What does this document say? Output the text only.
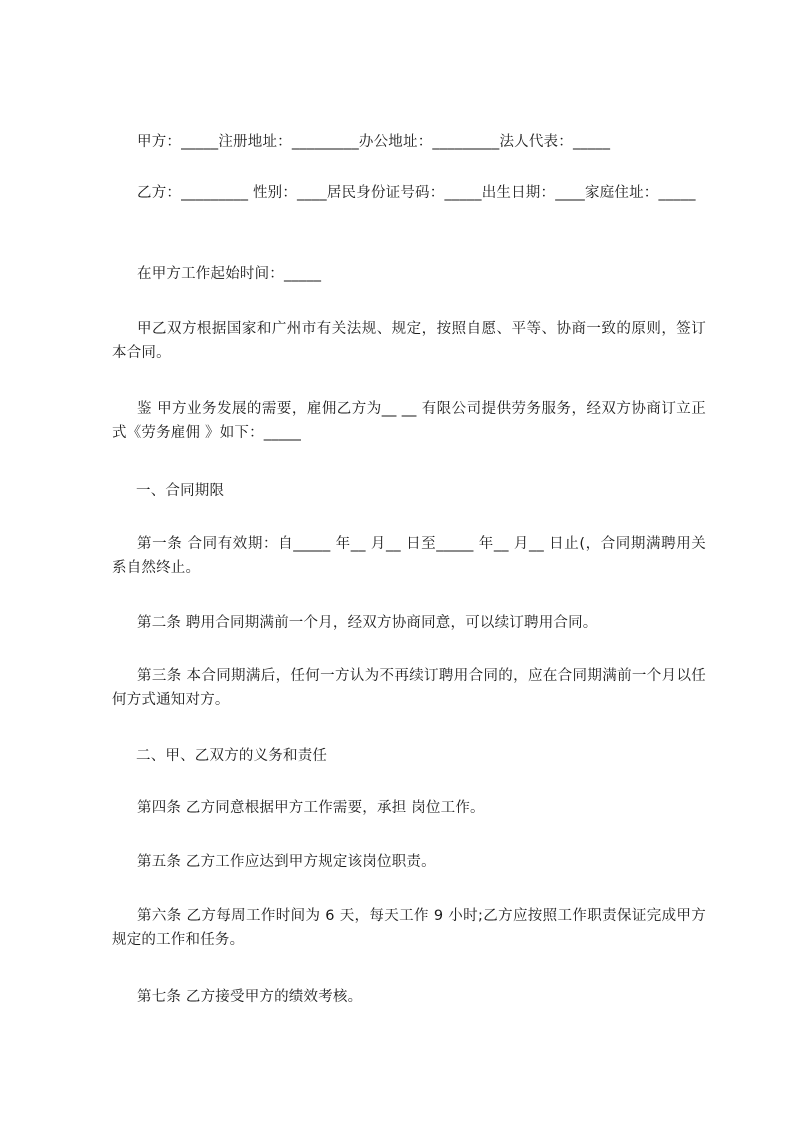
甲方：_____注册地址：_________办公地址：_________法人代表：_____

乙方：_________ 性别：____居民身份证号码：_____出生日期：____家庭住址：_____

在甲方工作起始时间：_____

甲乙双方根据国家和广州市有关法规、规定，按照自愿、平等、协商一致的原则，签订本合同。

鉴 甲方业务发展的需要，雇佣乙方为__ __ 有限公司提供劳务服务，经双方协商订立正式《劳务雇佣 》如下：_____

一、合同期限

第一条 合同有效期：自_____ 年__ 月__ 日至_____ 年__ 月__ 日止(，合同期满聘用关系自然终止。

第二条 聘用合同期满前一个月，经双方协商同意，可以续订聘用合同。

第三条 本合同期满后，任何一方认为不再续订聘用合同的，应在合同期满前一个月以任何方式通知对方。

二、甲、乙双方的义务和责任

第四条 乙方同意根据甲方工作需要，承担 岗位工作。

第五条 乙方工作应达到甲方规定该岗位职责。

第六条 乙方每周工作时间为 6 天，每天工作 9 小时;乙方应按照工作职责保证完成甲方规定的工作和任务。

第七条 乙方接受甲方的绩效考核。
